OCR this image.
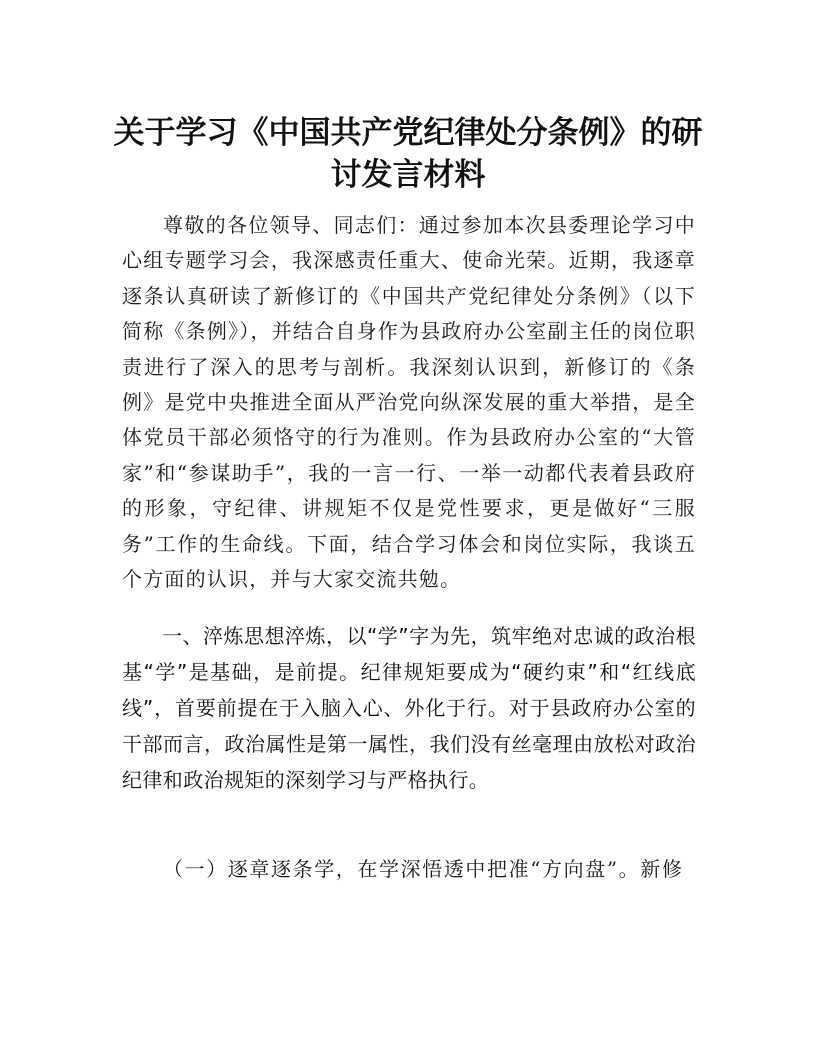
关于学习《中国共产党纪律处分条例》的研讨发言材料

尊敬的各位领导、同志们：通过参加本次县委理论学习中心组专题学习会，我深感责任重大、使命光荣。近期，我逐章逐条认真研读了新修订的《中国共产党纪律处分条例》（以下简称《条例》），并结合自身作为县政府办公室副主任的岗位职责进行了深入的思考与剖析。我深刻认识到，新修订的《条例》是党中央推进全面从严治党向纵深发展的重大举措，是全体党员干部必须恪守的行为准则。作为县政府办公室的“大管家”和“参谋助手”，我的一言一行、一举一动都代表着县政府的形象，守纪律、讲规矩不仅是党性要求，更是做好“三服务”工作的生命线。下面，结合学习体会和岗位实际，我谈五个方面的认识，并与大家交流共勉。

一、淬炼思想淬炼，以“学”字为先，筑牢绝对忠诚的政治根基“学”是基础，是前提。纪律规矩要成为“硬约束”和“红线底线”，首要前提在于入脑入心、外化于行。对于县政府办公室的干部而言，政治属性是第一属性，我们没有丝毫理由放松对政治纪律和政治规矩的深刻学习与严格执行。

（一）逐章逐条学，在学深悟透中把准“方向盘”。新修
